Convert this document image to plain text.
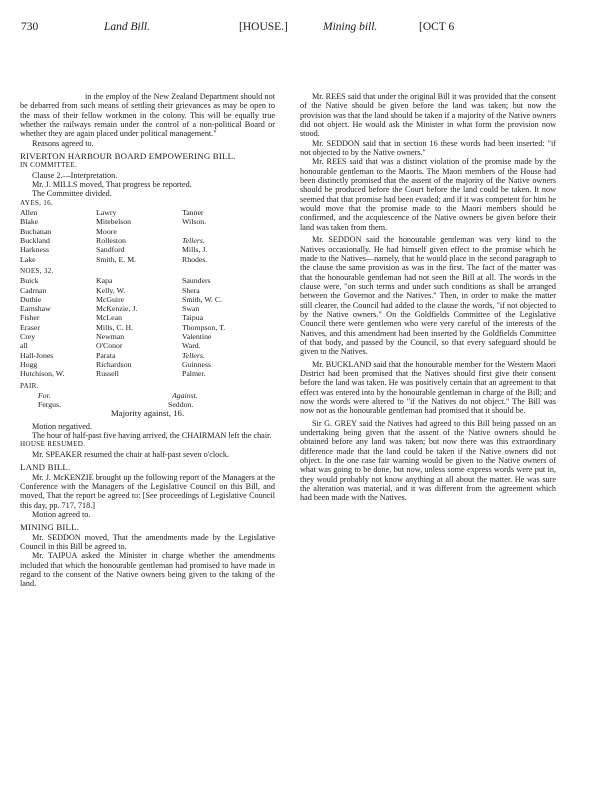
730	Land Bill.	[HOUSE.]	Mining bill.	[OCT 6

in the employ of the New Zealand Department should not be debarred from such means of settling their grievances as may be open to the mass of their fellow workmen in the colony. This will be equally true whether the railways remain under the control of a non-political Board or whether they are again placed under political management."

Reasons agreed to.

RIVERTON HARBOUR BOARD EMPOWERING BILL.

IN COMMITTEE.

Clause 2.—Interpretation.

Mr. J. MILLS moved, That progress be reported.

The Committee divided.

AYES, 16.

Allen	Lawry	Tanner
Blake	Mitebelson	Wilson.
Buchanan	Moore	
Buckland	Rolleston	Tellers.
Harkness	Sandford	Mills, J.
Lake	Smith, E. M.	Rhodes.

NOES, 32.

Buick	Kapa	Saunders
Cadrnan	Kelly, W.	Shera
Duthie	McGuire	Smith, W. C.
Earnshaw	McKenzie, J.	Swan
Fisher	McLean	Taipua
Eraser	Mills, C. H.	Thompson, T.
Crey	Newman	Valentine
all	O'Conor	Ward.
Hall-Jones	Parata	Tellers.
Hogg	Richardson	Guinness
Hutchison, W.	Russell	Palmer.

PAIR.

For.	Against.
Fergus.	Seddon.

Majority against, 16.

Motion negatived.

The hour of half-past five having arrived, the CHAIRMAN left the chair.

HOUSE RESUMED.

Mr. SPEAKER resumed the chair at half-past seven o'clock.

LAND BILL.

Mr. J. McKENZIE brought up the following report of the Managers at the Conference with the Managers of the Legislative Council on this Bill, and moved, That the report be agreed to: [See proceedings of Legislative Council this day, pp. 717, 718.]

Motion agreed to.

MINING BILL.

Mr. SEDDON moved, That the amendments made by the Legislative Council in this Bill be agreed to.

Mr. TAIPUA asked the Minister in charge whether the amendments included that which the honourable gentleman had promised to have made in regard to the consent of the Native owners being given to the taking of the land.

Mr. REES said that under the original Bill it was provided that the consent of the Native should be given before the land was taken; but now the provision was that the land should be taken if a majority of the Native owners did not object. He would ask the Minister in what form the provision now stood.

Mr. SEDDON said that in section 16 these words had been inserted: "if not objected to by the Native owners."

Mr. REES said that was a distinct violation of the promise made by the honourable gentleman to the Maoris. The Maori members of the House had been distinctly promised that the assent of the majority of the Native owners should be produced before the Court before the land could be taken. It now seemed that that promise had been evaded; and if it was competent for him he would move that the promise made to the Maori members should be confirmed, and the acquiescence of the Native owners be given before their land was taken from them.

Mr. SEDDON said the honourable gentleman was very kind to the Natives occasionally. He had himself given effect to the promise which he made to the Natives—namely, that he would place in the second paragraph to the clause the same provision as was in the first. The fact of the matter was that the honourable gentleman had not seen the Bill at all. The words in the clause were, "on such terms and under such conditions as shall be arranged between the Governor and the Natives." Then, in order to make the matter still clearer, the Council had added to the clause the words, "if not objected to by the Native owners." On the Goldfields Committee of the Legislative Council there were gentlemen who were very careful of the interests of the Natives, and this amendment had been inserted by the Goldfields Committee of that body, and passed by the Council, so that every safeguard should be given to the Natives.

Mr. BUCKLAND said that the honourable member for the Western Maori District had been promised that the Natives should first give their consent before the land was taken. He was positively certain that an agreement to that effect was entered into by the honourable gentleman in charge of the Bill; and now the words were altered to "if the Natives do not object." The Bill was now not as the honourable gentleman had promised that it should be.

Sir G. GREY said the Natives had agreed to this Bill being passed on an undertaking being given that the assent of the Native owners should be obtained before any land was taken; but now there was this extraordinary difference made that the land could be taken if the Native owners did not object. In the one case fair warning would be given to the Native owners of what was going to be done, but now, unless some express words were put in, they would probably not know anything at all about the matter. He was sure the alteration was material, and it was different from the agreement which had been made with the Natives.
